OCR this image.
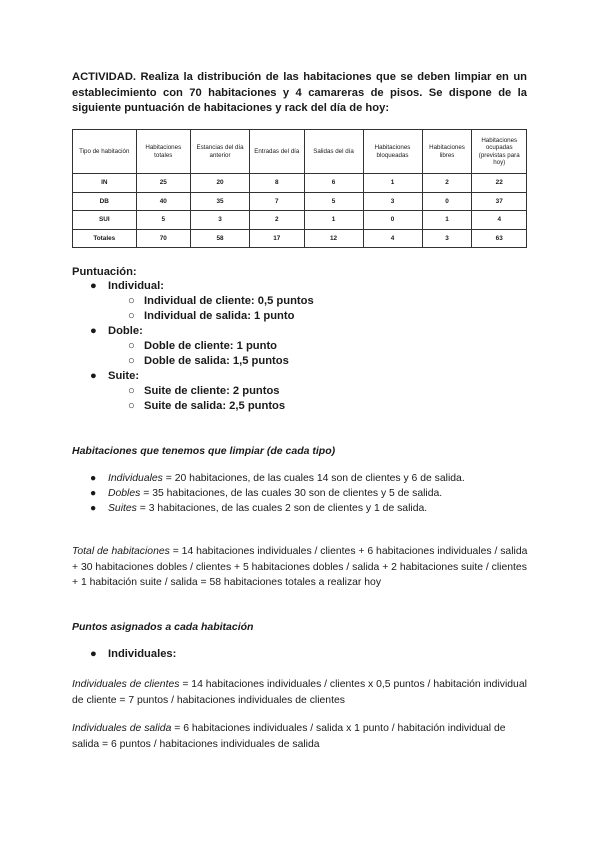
ACTIVIDAD. Realiza la distribución de las habitaciones que se deben limpiar en un establecimiento con 70 habitaciones y 4 camareras de pisos. Se dispone de la siguiente puntuación de habitaciones y rack del día de hoy:
Tipo de habitación	Habitaciones totales	Estancias del día anterior	Entradas del día	Salidas del día	Habitaciones bloqueadas	Habitaciones libres	Habitaciones ocupadas (previstas para hoy)
IN	25	20	8	6	1	2	22
DB	40	35	7	5	3	0	37
SUI	5	3	2	1	0	1	4
Totales	70	58	17	12	4	3	63
Puntuación:
● Individual:
○ Individual de cliente: 0,5 puntos
○ Individual de salida: 1 punto
● Doble:
○ Doble de cliente: 1 punto
○ Doble de salida: 1,5 puntos
● Suite:
○ Suite de cliente: 2 puntos
○ Suite de salida: 2,5 puntos
Habitaciones que tenemos que limpiar (de cada tipo)
● Individuales = 20 habitaciones, de las cuales 14 son de clientes y 6 de salida.
● Dobles = 35 habitaciones, de las cuales 30 son de clientes y 5 de salida.
● Suites = 3 habitaciones, de las cuales 2 son de clientes y 1 de salida.
Total de habitaciones = 14 habitaciones individuales / clientes + 6 habitaciones individuales / salida + 30 habitaciones dobles / clientes + 5 habitaciones dobles / salida + 2 habitaciones suite / clientes + 1 habitación suite / salida = 58 habitaciones totales a realizar hoy
Puntos asignados a cada habitación
● Individuales:
Individuales de clientes = 14 habitaciones individuales / clientes x 0,5 puntos / habitación individual de cliente = 7 puntos / habitaciones individuales de clientes
Individuales de salida = 6 habitaciones individuales / salida x 1 punto / habitación individual de salida = 6 puntos / habitaciones individuales de salida
